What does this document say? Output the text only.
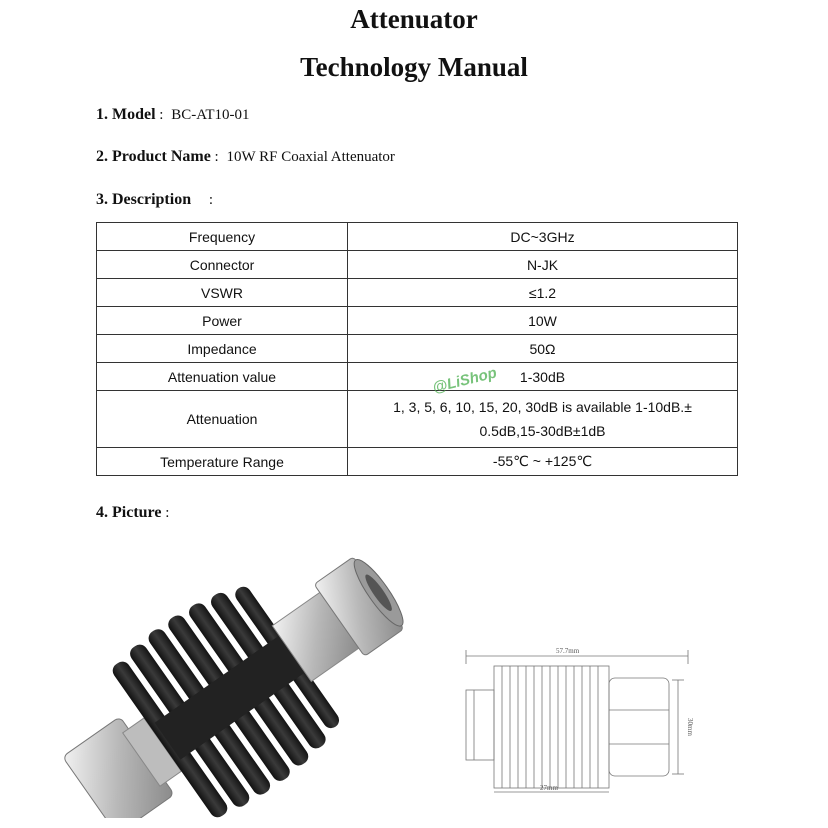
Attenuator
Technology Manual
1. Model : BC-AT10-01
2. Product Name : 10W RF Coaxial Attenuator
3. Description :
Frequency	DC~3GHz
Connector	N-JK
VSWR	≤1.2
Power	10W
Impedance	50Ω
Attenuation value	1-30dB
Attenuation	1, 3, 5, 6, 10, 15, 20, 30dB is available 1-10dB.±
0.5dB,15-30dB±1dB

Temperature Range	-55℃ ~ +125℃
@LiShop
4. Picture :
57.7mm
27mm
30mm
